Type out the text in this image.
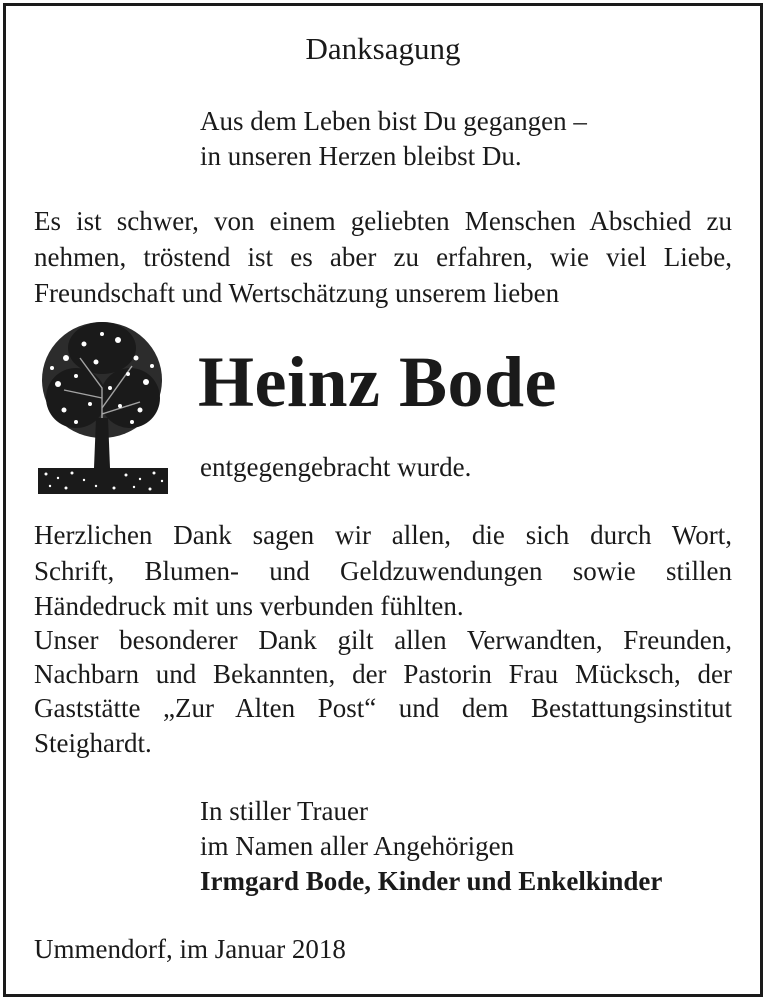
Danksagung
Aus dem Leben bist Du gegangen –
in unseren Herzen bleibst Du.
Es ist schwer, von einem geliebten Menschen Abschied zu
nehmen, tröstend ist es aber zu erfahren, wie viel Liebe,
Freundschaft und Wertschätzung unserem lieben
Heinz Bode
entgegengebracht wurde.
Herzlichen Dank sagen wir allen, die sich durch Wort,
Schrift, Blumen- und Geldzuwendungen sowie stillen
Händedruck mit uns verbunden fühlten.
Unser besonderer Dank gilt allen Verwandten, Freunden,
Nachbarn und Bekannten, der Pastorin Frau Mücksch, der
Gaststätte „Zur Alten Post“ und dem Bestattungsinstitut
Steighardt.
In stiller Trauer
im Namen aller Angehörigen
Irmgard Bode, Kinder und Enkelkinder
Ummendorf, im Januar 2018
